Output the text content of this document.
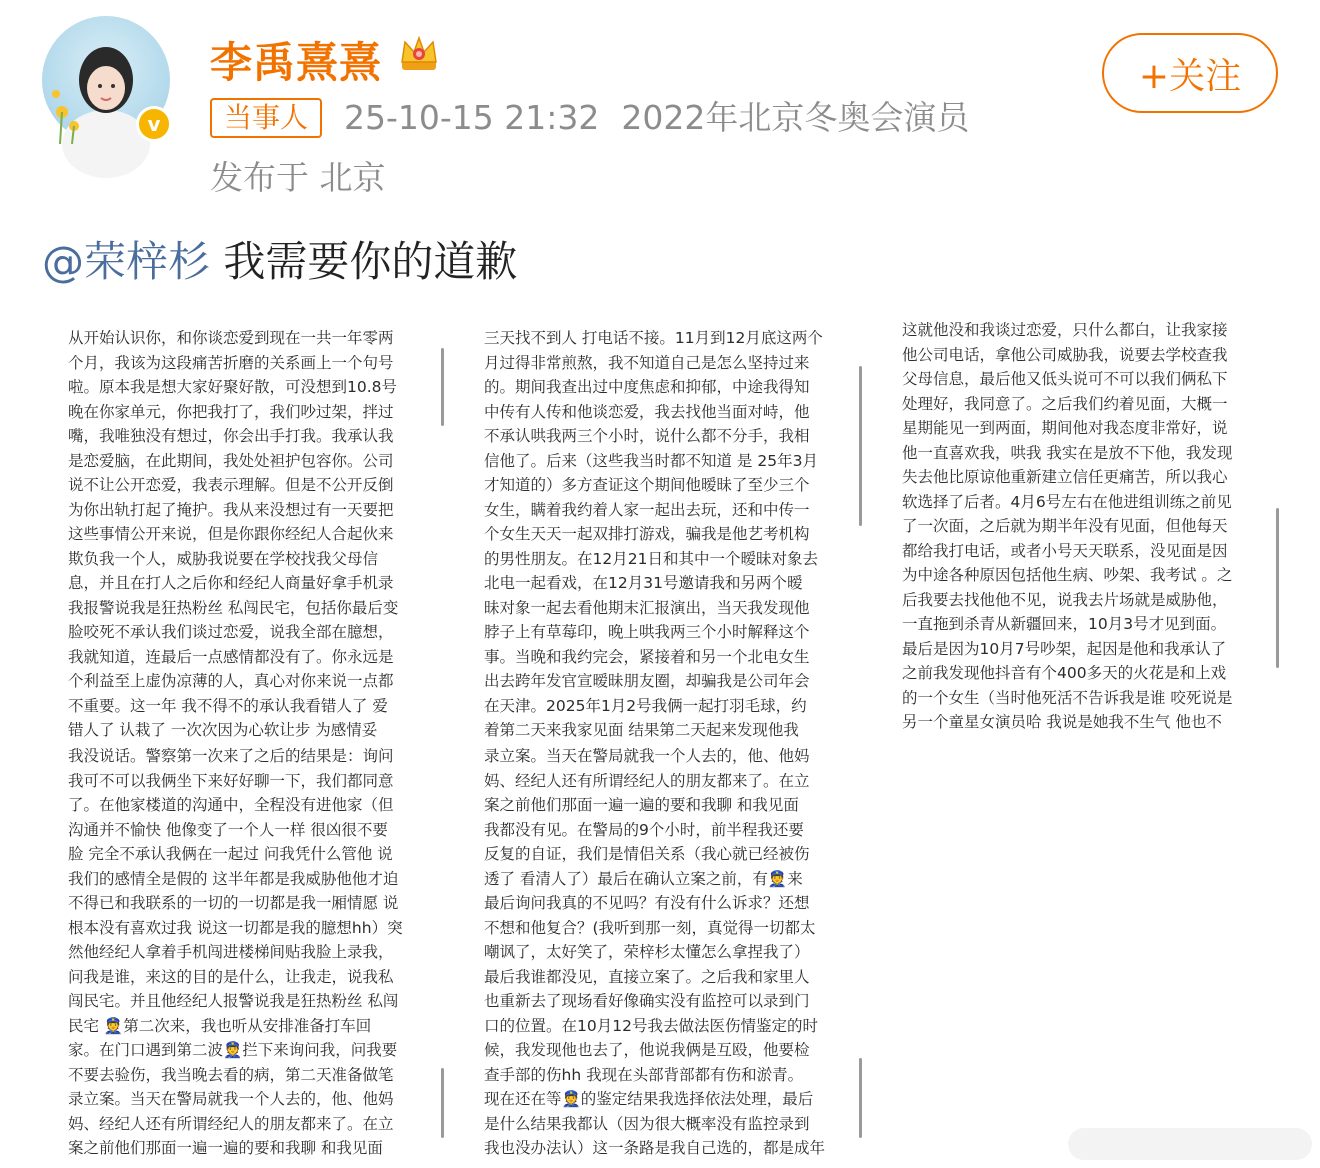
v
李禹熹熹
当事人	25-10-15 21:32 2022年北京冬奥会演员
发布于 北京
+关注
@荣梓杉 我需要你的道歉
从开始认识你，和你谈恋爱到现在一共一年零两
个月，我该为这段痛苦折磨的关系画上一个句号
啦。原本我是想大家好聚好散，可没想到10.8号
晚在你家单元，你把我打了，我们吵过架，拌过
嘴，我唯独没有想过，你会出手打我。我承认我
是恋爱脑，在此期间，我处处袒护包容你。公司
说不让公开恋爱，我表示理解。但是不公开反倒
为你出轨打起了掩护。我从来没想过有一天要把
这些事情公开来说，但是你跟你经纪人合起伙来
欺负我一个人，威胁我说要在学校找我父母信
息，并且在打人之后你和经纪人商量好拿手机录
我报警说我是狂热粉丝 私闯民宅，包括你最后变
脸咬死不承认我们谈过恋爱，说我全部在臆想，
我就知道，连最后一点感情都没有了。你永远是
个利益至上虚伪凉薄的人，真心对你来说一点都
不重要。这一年 我不得不的承认我看错人了 爱
错人了 认栽了 一次次因为心软让步 为感情妥
三天找不到人 打电话不接。11月到12月底这两个
月过得非常煎熬，我不知道自己是怎么坚持过来
的。期间我查出过中度焦虑和抑郁，中途我得知
中传有人传和他谈恋爱，我去找他当面对峙，他
不承认哄我两三个小时，说什么都不分手，我相
信他了。后来（这些我当时都不知道 是 25年3月
才知道的）多方查证这个期间他暧昧了至少三个
女生，瞒着我约着人家一起出去玩，还和中传一
个女生天天一起双排打游戏，骗我是他艺考机构
的男性朋友。在12月21日和其中一个暧昧对象去
北电一起看戏，在12月31号邀请我和另两个暧
昧对象一起去看他期末汇报演出，当天我发现他
脖子上有草莓印，晚上哄我两三个小时解释这个
事。当晚和我约完会，紧接着和另一个北电女生
出去跨年发官宣暧昧朋友圈，却骗我是公司年会
在天津。2025年1月2号我俩一起打羽毛球，约
着第二天来我家见面 结果第二天起来发现他我
这就他没和我谈过恋爱，只什么都白，让我家接
他公司电话，拿他公司威胁我，说要去学校查我
父母信息，最后他又低头说可不可以我们俩私下
处理好，我同意了。之后我们约着见面，大概一
星期能见一到两面，期间他对我态度非常好，说
他一直喜欢我，哄我 我实在是放不下他，我发现
失去他比原谅他重新建立信任更痛苦，所以我心
软选择了后者。4月6号左右在他进组训练之前见
了一次面，之后就为期半年没有见面，但他每天
都给我打电话，或者小号天天联系，没见面是因
为中途各种原因包括他生病、吵架、我考试 。之
后我要去找他他不见，说我去片场就是威胁他，
一直拖到杀青从新疆回来，10月3号才见到面。
最后是因为10月7号吵架，起因是他和我承认了
之前我发现他抖音有个400多天的火花是和上戏
的一个女生（当时他死活不告诉我是谁 咬死说是
另一个童星女演员哈 我说是她我不生气 他也不
我没说话。警察第一次来了之后的结果是：询问
我可不可以我俩坐下来好好聊一下，我们都同意
了。在他家楼道的沟通中，全程没有进他家（但
沟通并不愉快 他像变了一个人一样 很凶很不要
脸 完全不承认我俩在一起过 问我凭什么管他 说
我们的感情全是假的 这半年都是我威胁他他才迫
不得已和我联系的一切的一切都是我一厢情愿 说
根本没有喜欢过我 说这一切都是我的臆想hh）突
然他经纪人拿着手机闯进楼梯间贴我脸上录我，
问我是谁，来这的目的是什么，让我走，说我私
闯民宅。并且他经纪人报警说我是狂热粉丝 私闯
民宅 👮第二次来，我也听从安排准备打车回
家。在门口遇到第二波👮拦下来询问我，问我要
不要去验伤，我当晚去看的病，第二天准备做笔
录立案。当天在警局就我一个人去的，他、他妈
妈、经纪人还有所谓经纪人的朋友都来了。在立
案之前他们那面一遍一遍的要和我聊 和我见面
录立案。当天在警局就我一个人去的，他、他妈
妈、经纪人还有所谓经纪人的朋友都来了。在立
案之前他们那面一遍一遍的要和我聊 和我见面
我都没有见。在警局的9个小时，前半程我还要
反复的自证，我们是情侣关系（我心就已经被伤
透了 看清人了）最后在确认立案之前，有👮来
最后询问我真的不见吗？有没有什么诉求？还想
不想和他复合？(我听到那一刻，真觉得一切都太
嘲讽了，太好笑了，荣梓杉太懂怎么拿捏我了）
最后我谁都没见，直接立案了。之后我和家里人
也重新去了现场看好像确实没有监控可以录到门
口的位置。在10月12号我去做法医伤情鉴定的时
候，我发现他也去了，他说我俩是互殴，他要检
查手部的伤hh 我现在头部背部都有伤和淤青。
现在还在等👮的鉴定结果我选择依法处理，最后
是什么结果我都认（因为很大概率没有监控录到
我也没办法认）这一条路是我自己选的，都是成年
